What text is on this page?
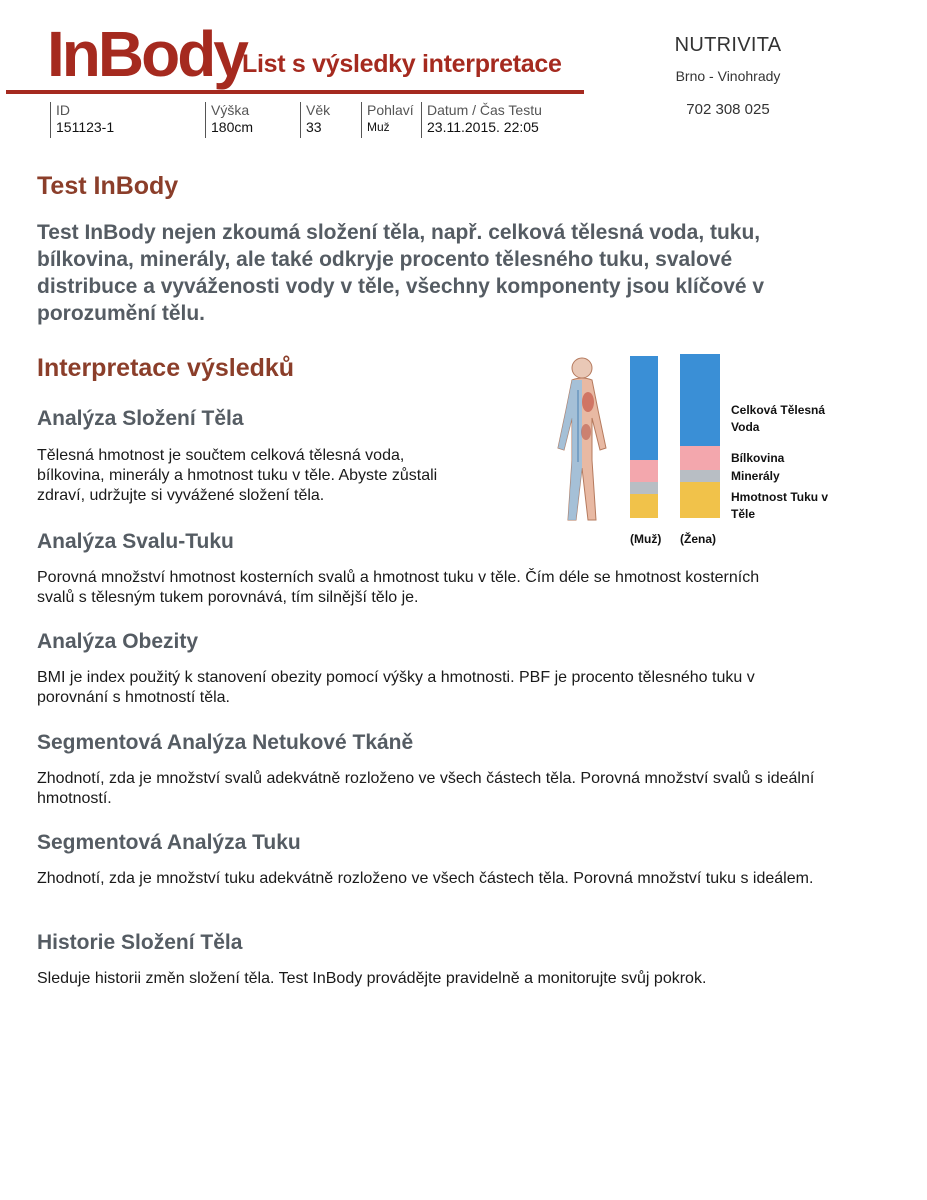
InBody
List s výsledky interpretace
ID
151123-1
Výška
180cm
Věk
33
Pohlaví
Muž
Datum / Čas Testu
23.11.2015. 22:05
NUTRIVITA
Brno - Vinohrady
702 308 025
Test InBody
Test InBody nejen zkoumá složení těla, např. celková tělesná voda, tuku, bílkovina, minerály, ale také odkryje procento tělesného tuku, svalové distribuce a vyváženosti vody v těle, všechny komponenty jsou klíčové v porozumění tělu.
Interpretace výsledků
Analýza Složení Těla
Tělesná hmotnost je součtem celková tělesná voda, bílkovina, minerály a hmotnost tuku v těle. Abyste zůstali zdraví, udržujte si vyvážené složení těla.
Analýza Svalu-Tuku
Porovná množství hmotnost kosterních svalů a hmotnost tuku v těle. Čím déle se hmotnost kosterních svalů s tělesným tukem porovnává, tím silnější tělo je.
Analýza Obezity
BMI je index použitý k stanovení obezity pomocí výšky a hmotnosti. PBF je procento tělesného tuku v porovnání s hmotností těla.
Segmentová Analýza Netukové Tkáně
Zhodnotí, zda je množství svalů adekvátně rozloženo ve všech částech těla. Porovná množství svalů s ideální hmotností.
Segmentová Analýza Tuku
Zhodnotí, zda je množství tuku adekvátně rozloženo ve všech částech těla. Porovná množství tuku s ideálem.
Historie Složení Těla
Sleduje historii změn složení těla. Test InBody provádějte pravidelně a monitorujte svůj pokrok.
Celková Tělesná Voda
Bílkovina
Minerály
Hmotnost Tuku v Těle
(Muž) (Žena)
